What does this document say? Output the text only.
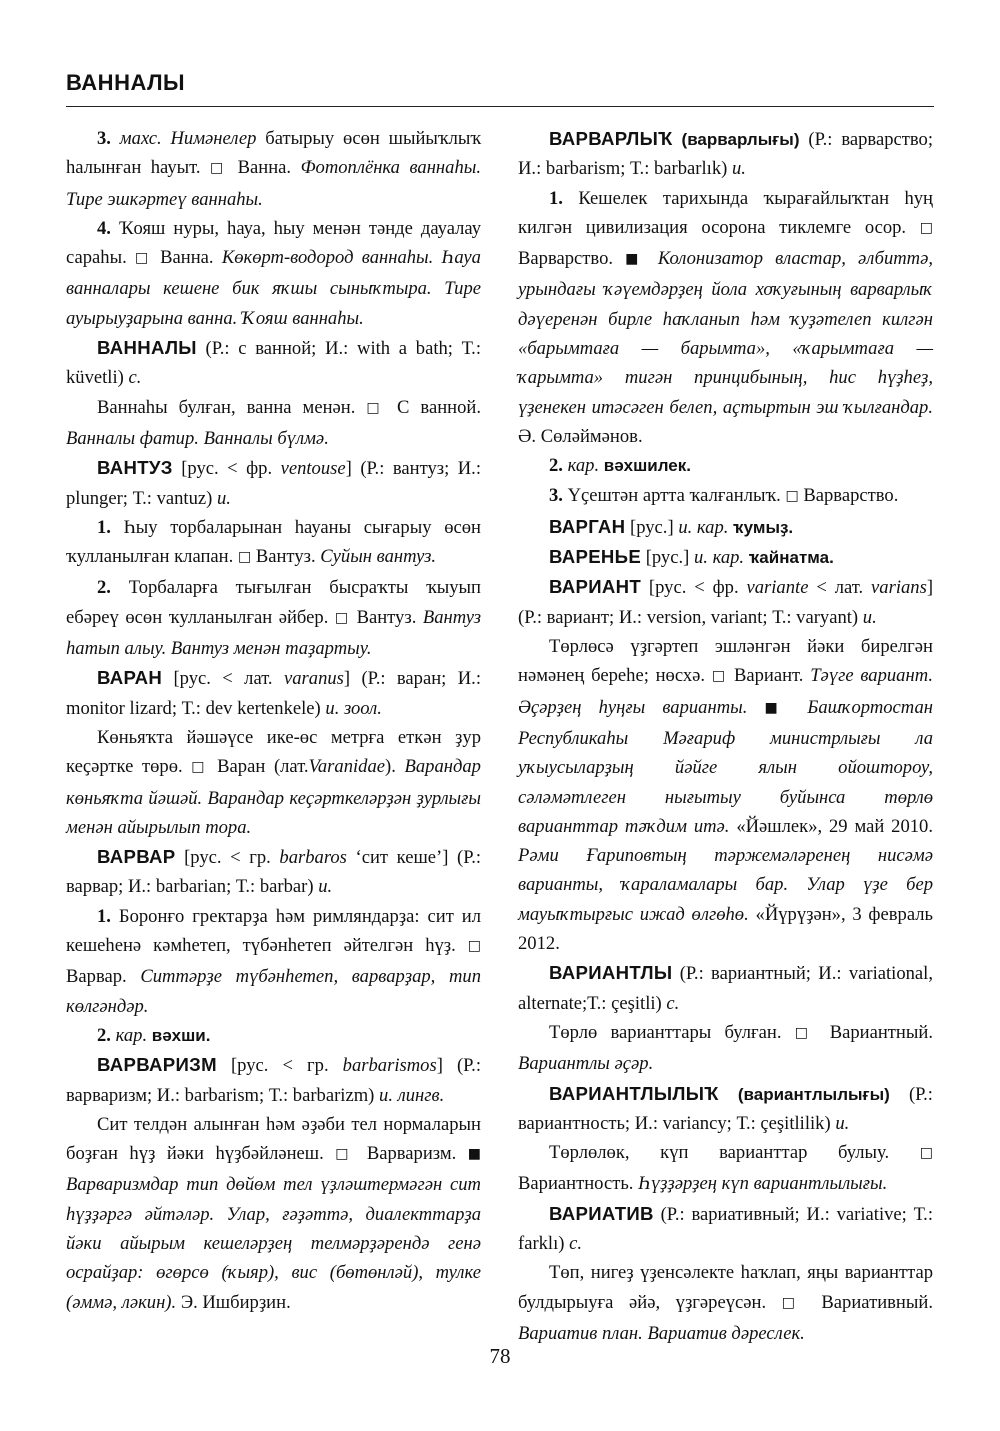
ВАННАЛЫ

3. махс. Нимәнелер батырыу өсөн шыйыҡлыҡ һалынған һауыт. □ Ванна. Фотоплёнка ваннаһы. Тире эшкәртеү ваннаһы.

4. Ҡояш нуры, һауа, һыу менән тәнде дауалау сараһы. □ Ванна. Көкөрт-водород ваннаһы. Һауа ванналары кешене бик яҡшы сыныҡтыра. Тире ауырыуҙарына ванна. Ҡояш ваннаһы.

ВАННАЛЫ (Р.: с ванной; И.: with a bath; Т.: küvetli) с.

Ваннаһы булған, ванна менән. □ С ванной. Ванналы фатир. Ванналы бүлмә.

ВАНТУЗ [рус. < фр. ventouse] (Р.: вантуз; И.: plunger; Т.: vantuz) и.

1. Һыу торбаларынан һауаны сығарыу өсөн ҡулланылған клапан. □ Вантуз. Суйын вантуз.

2. Торбаларға тығылған бысраҡты ҡыуып ебәреү өсөн ҡулланылған әйбер. □ Вантуз. Вантуз һатып алыу. Вантуз менән таҙартыу.

ВАРАН [рус. < лат. varanus] (Р.: варан; И.: monitor lizard; Т.: dev kertenkele) и. зоол.

Көньяҡта йәшәүсе ике-өс метрға еткән ҙур кеҫәртке төрө. □ Варан (лат.Varanidae). Варандар көньяҡта йәшәй. Варандар кеҫәрткеләрҙән ҙурлығы менән айырылып тора.

ВАРВАР [рус. < гр. barbaros ‘сит кеше’] (Р.: варвар; И.: barbarian; Т.: barbar) и.

1. Боронғо гректарҙа һәм римляндарҙа: сит ил кешеһенә кәмһетеп, түбәнһетеп әйтелгән һүҙ. □ Варвар. Ситтәрҙе түбәнһетеп, варварҙар, тип көлгәндәр.

2. кар. вәхши.

ВАРВАРИЗМ [рус. < гр. barbarismos] (Р.: варваризм; И.: barbarism; Т.: barbarizm) и. лингв.

Сит телдән алынған һәм әҙәби тел нормаларын боҙған һүҙ йәки һүҙбәйләнеш. □ Варваризм. ■ Варваризмдар тип дөйөм тел үҙләштермәгән сит һүҙҙәргә әйтәләр. Улар, ғәҙәттә, диалекттарҙа йәки айырым кешеләрҙең телмәрҙәрендә генә осрайҙар: өгөрсө (ҡыяр), вис (бөтөнләй), тулке (әммә, ләкин). Э. Ишбирҙин.

ВАРВАРЛЫҠ (варварлығы) (Р.: варварство; И.: barbarism; Т.: barbarlık) и.

1. Кешелек тарихында ҡырағайлыҡтан һуң килгән цивилизация осорона тиклемге осор. □ Варварство. ■ Колонизатор властар, әлбиттә, урындағы ҡәүемдәрҙең йола хоҡуғының варварлыҡ дәүеренән бирле һаҡланып һәм ҡуҙәтелеп килгән «барымтаға — барымта», «ҡарымтаға — ҡарымта» тигән принцибының, һис һүҙһеҙ, үҙенекен итәсәген белеп, аҫтыртын эш ҡылғандар. Ә. Сөләймәнов.

2. кар. вәхшилек.

3. Үҫештән артта ҡалғанлыҡ. □ Варварство.

ВАРГАН [рус.] и. кар. ҡумыҙ.

ВАРЕНЬЕ [рус.] и. кар. ҡайнатма.

ВАРИАНТ [рус. < фр. variante < лат. varians] (Р.: вариант; И.: version, variant; Т.: varyant) и.

Төрлөсә үҙгәртеп эшләнгән йәки бирелгән нәмәнең береһе; нөсхә. □ Вариант. Тәүге вариант. Әҫәрҙең һуңғы варианты. ■ Башҡортостан Республикаһы Мәғариф министрлығы ла уҡыусыларҙың йәйге ялын ойоштороу, сәләмәтлеген нығытыу буйынса төрлө варианттар тәҡдим итә. «Йәшлек», 29 май 2010. Рәми Ғариповтың тәржемәләренең нисәмә варианты, ҡараламалары бар. Улар үҙе бер мауыҡтырғыс ижад өлгөһө. «Йүрүҙән», 3 февраль 2012.

ВАРИАНТЛЫ (Р.: вариантный; И.: variational, alternate;Т.: çeşitli) с.

Төрлө варианттары булған. □ Вариантный. Вариантлы әҫәр.

ВАРИАНТЛЫЛЫҠ (вариантлылығы) (Р.: вариантность; И.: variancy; Т.: çeşitlilik) и.

Төрлөлөк, күп варианттар булыу. □ Вариантность. Һүҙҙәрҙең күп вариантлылығы.

ВАРИАТИВ (Р.: вариативный; И.: variative; Т.: farklı) с.

Төп, нигеҙ үҙенсәлекте һаҡлап, яңы варианттар булдырыуға әйә, үҙгәреүсән. □ Вариативный. Вариатив план. Вариатив дәреслек.

78
